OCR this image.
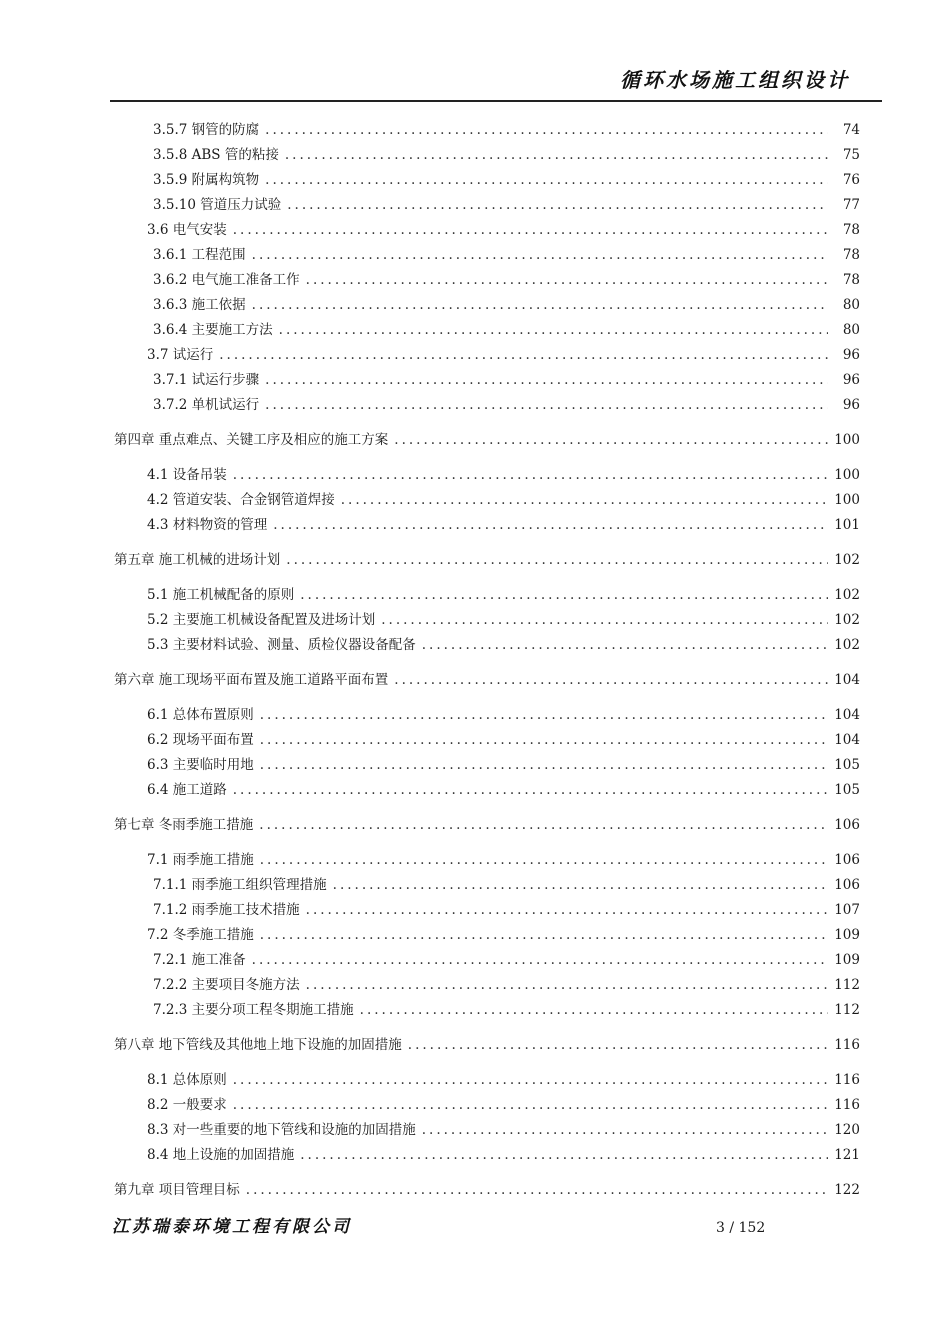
循环水场施工组织设计
3.5.7 钢管的防腐 .....	74
3.5.8 ABS 管的粘接 .....	75
3.5.9 附属构筑物 .....	76
3.5.10 管道压力试验 .....	77
3.6 电气安装 .....	78
3.6.1 工程范围 .....	78
3.6.2 电气施工准备工作 .....	78
3.6.3 施工依据 .....	80
3.6.4 主要施工方法 .....	80
3.7 试运行 .....	96
3.7.1 试运行步骤 .....	96
3.7.2 单机试运行 .....	96
第四章 重点难点、关键工序及相应的施工方案 .....	100
4.1 设备吊装 .....	100
4.2 管道安装、合金钢管道焊接 .....	100
4.3 材料物资的管理 .....	101
第五章 施工机械的进场计划 .....	102
5.1 施工机械配备的原则 .....	102
5.2 主要施工机械设备配置及进场计划 .....	102
5.3 主要材料试验、测量、质检仪器设备配备 .....	102
第六章 施工现场平面布置及施工道路平面布置 .....	104
6.1 总体布置原则 .....	104
6.2 现场平面布置 .....	104
6.3 主要临时用地 .....	105
6.4 施工道路 .....	105
第七章 冬雨季施工措施 .....	106
7.1 雨季施工措施 .....	106
7.1.1 雨季施工组织管理措施 .....	106
7.1.2 雨季施工技术措施 .....	107
7.2 冬季施工措施 .....	109
7.2.1 施工准备 .....	109
7.2.2 主要项目冬施方法 .....	112
7.2.3 主要分项工程冬期施工措施 .....	112
第八章 地下管线及其他地上地下设施的加固措施 .....	116
8.1 总体原则 .....	116
8.2 一般要求 .....	116
8.3 对一些重要的地下管线和设施的加固措施 .....	120
8.4 地上设施的加固措施 .....	121
第九章 项目管理目标 .....	122
江苏瑞泰环境工程有限公司	3 / 152
